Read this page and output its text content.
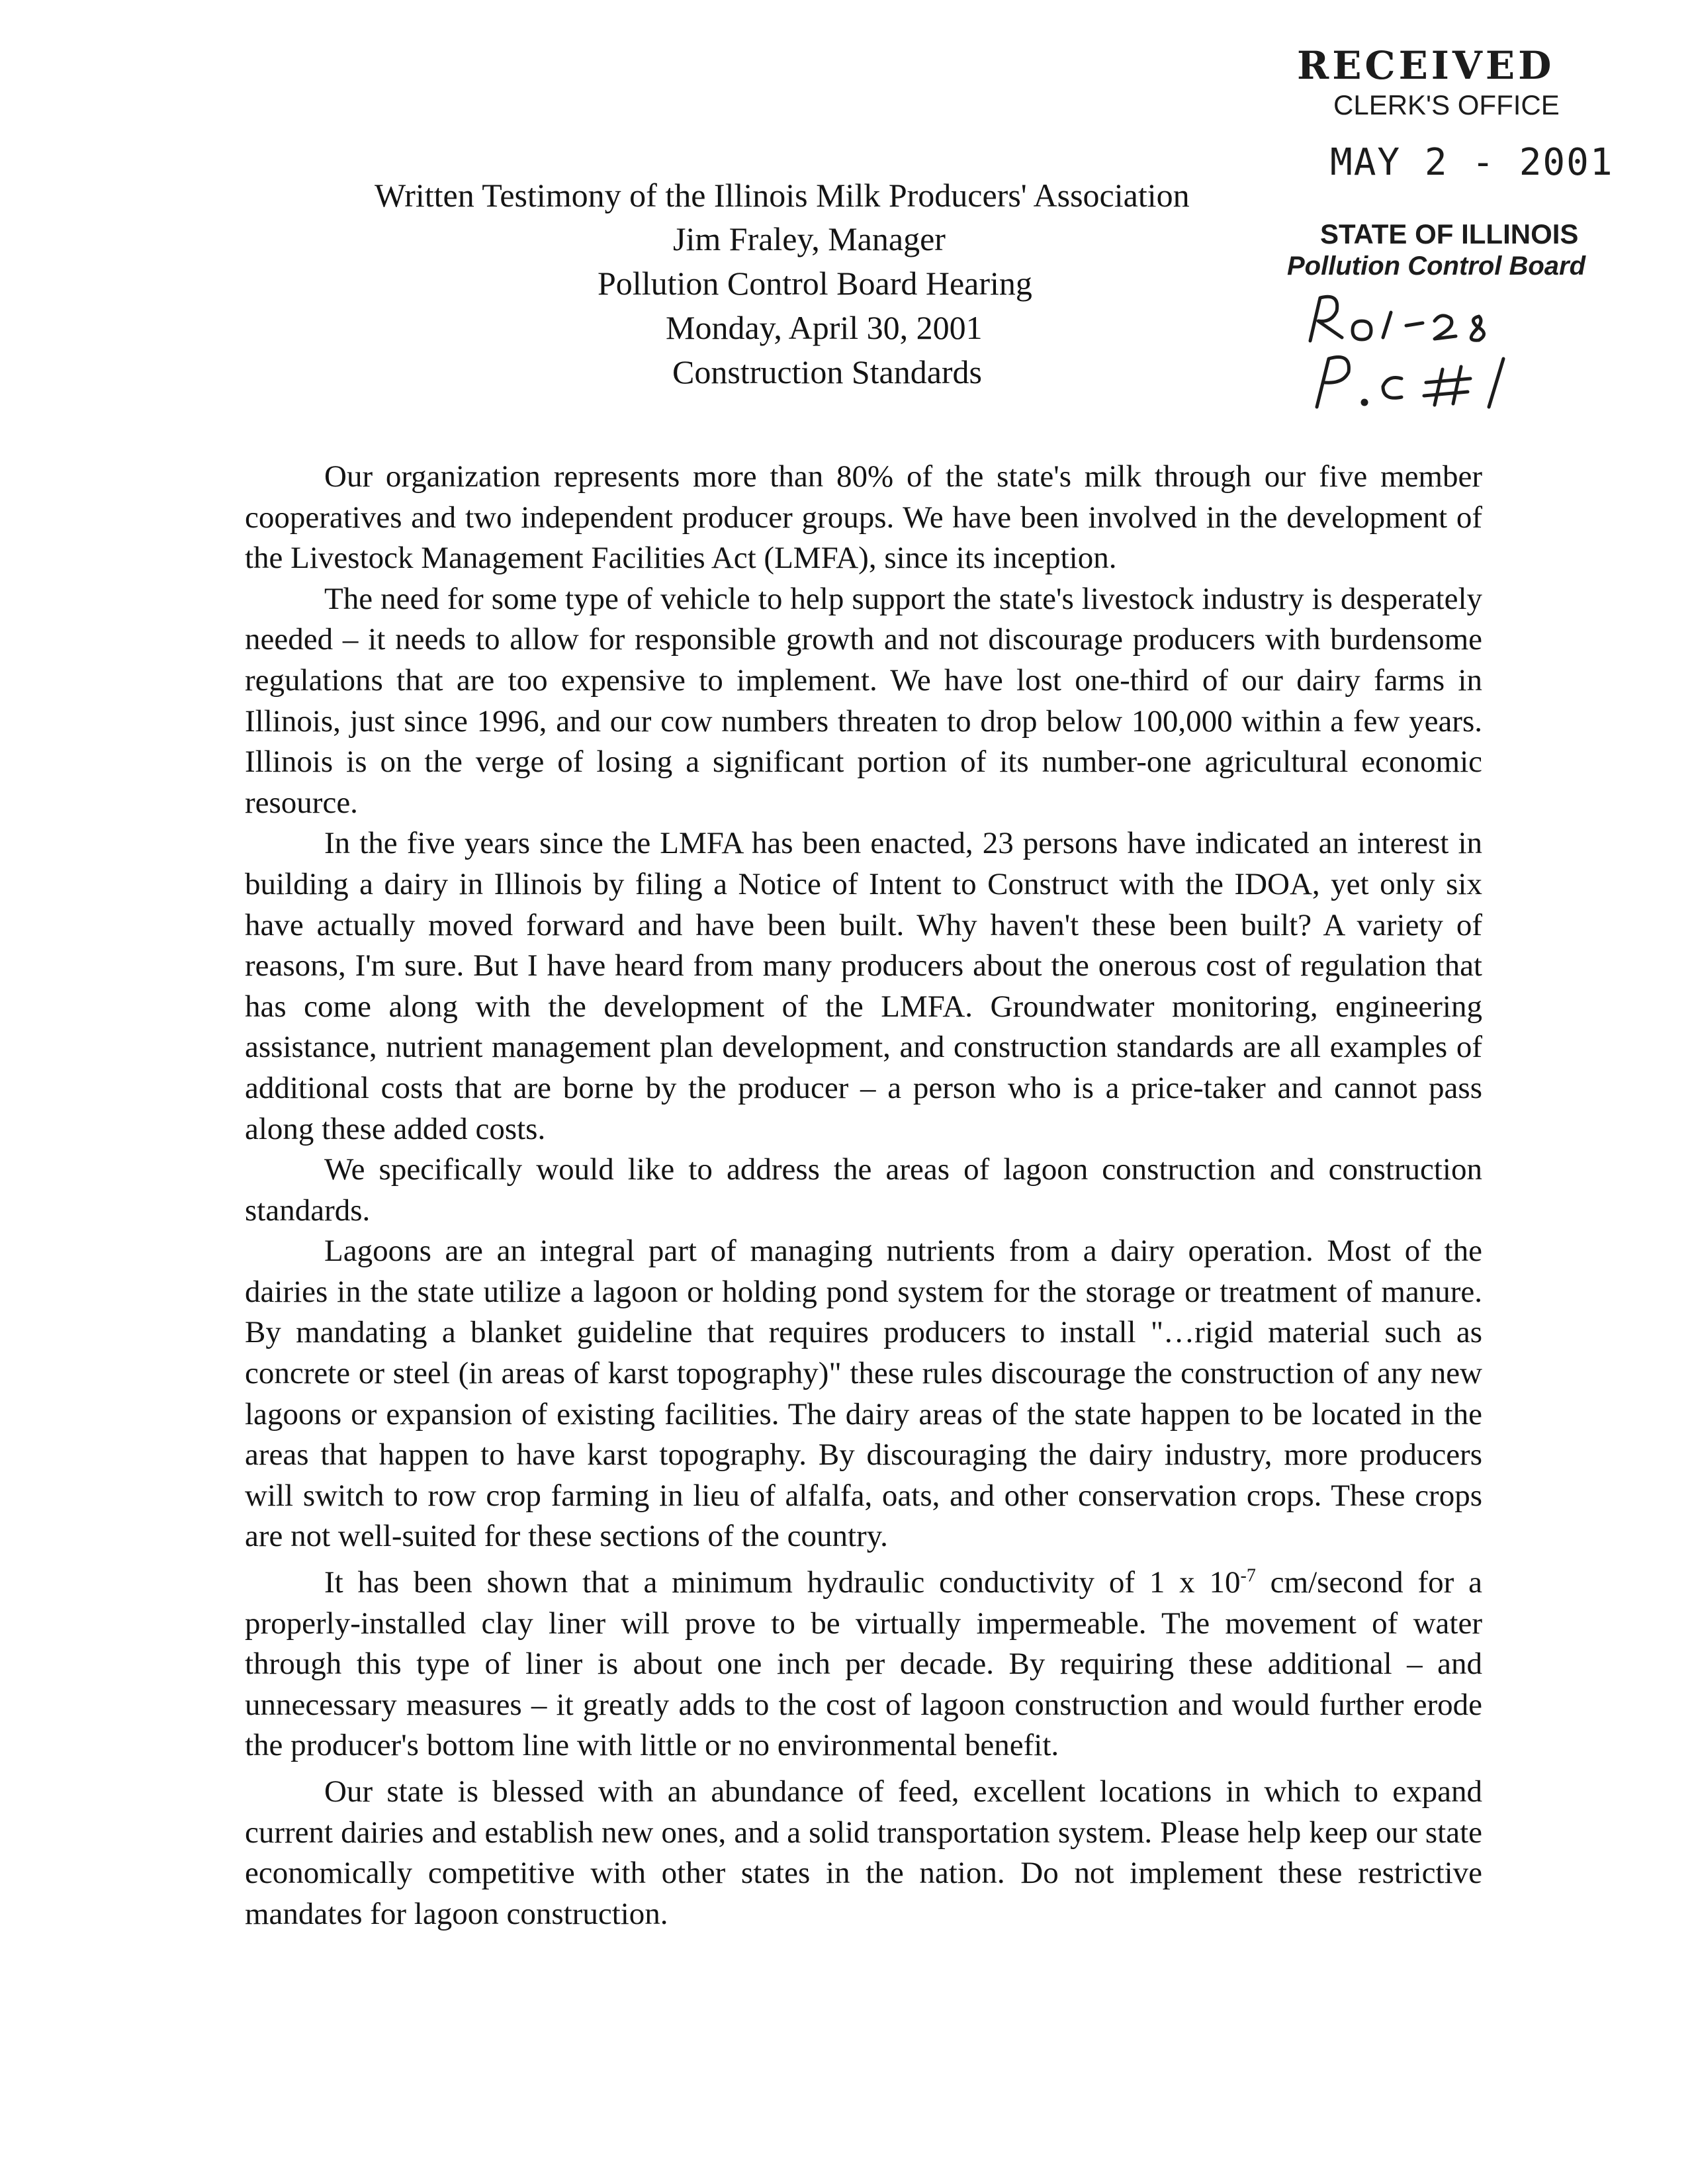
RECEIVED
CLERK'S OFFICE
MAY 2 - 2001
STATE OF ILLINOIS
Pollution Control Board
Written Testimony of the Illinois Milk Producers' Association
Jim Fraley, Manager
Pollution Control Board Hearing
Monday, April 30, 2001
Construction Standards

Our organization represents more than 80% of the state's milk through our five member cooperatives and two independent producer groups. We have been involved in the development of the Livestock Management Facilities Act (LMFA), since its inception.

The need for some type of vehicle to help support the state's livestock industry is desperately needed – it needs to allow for responsible growth and not discourage producers with burdensome regulations that are too expensive to implement. We have lost one-third of our dairy farms in Illinois, just since 1996, and our cow numbers threaten to drop below 100,000 within a few years. Illinois is on the verge of losing a significant portion of its number-one agricultural economic resource.

In the five years since the LMFA has been enacted, 23 persons have indicated an interest in building a dairy in Illinois by filing a Notice of Intent to Construct with the IDOA, yet only six have actually moved forward and have been built. Why haven't these been built? A variety of reasons, I'm sure. But I have heard from many producers about the onerous cost of regulation that has come along with the development of the LMFA. Groundwater monitoring, engineering assistance, nutrient management plan development, and construction standards are all examples of additional costs that are borne by the producer – a person who is a price-taker and cannot pass along these added costs.

We specifically would like to address the areas of lagoon construction and construction standards.

Lagoons are an integral part of managing nutrients from a dairy operation. Most of the dairies in the state utilize a lagoon or holding pond system for the storage or treatment of manure. By mandating a blanket guideline that requires producers to install "…rigid material such as concrete or steel (in areas of karst topography)" these rules discourage the construction of any new lagoons or expansion of existing facilities. The dairy areas of the state happen to be located in the areas that happen to have karst topography. By discouraging the dairy industry, more producers will switch to row crop farming in lieu of alfalfa, oats, and other conservation crops. These crops are not well-suited for these sections of the country.

It has been shown that a minimum hydraulic conductivity of 1 x $10^{-7}$ cm/second for a properly-installed clay liner will prove to be virtually impermeable. The movement of water through this type of liner is about one inch per decade. By requiring these additional – and unnecessary measures – it greatly adds to the cost of lagoon construction and would further erode the producer's bottom line with little or no environmental benefit.

Our state is blessed with an abundance of feed, excellent locations in which to expand current dairies and establish new ones, and a solid transportation system. Please help keep our state economically competitive with other states in the nation. Do not implement these restrictive mandates for lagoon construction.
